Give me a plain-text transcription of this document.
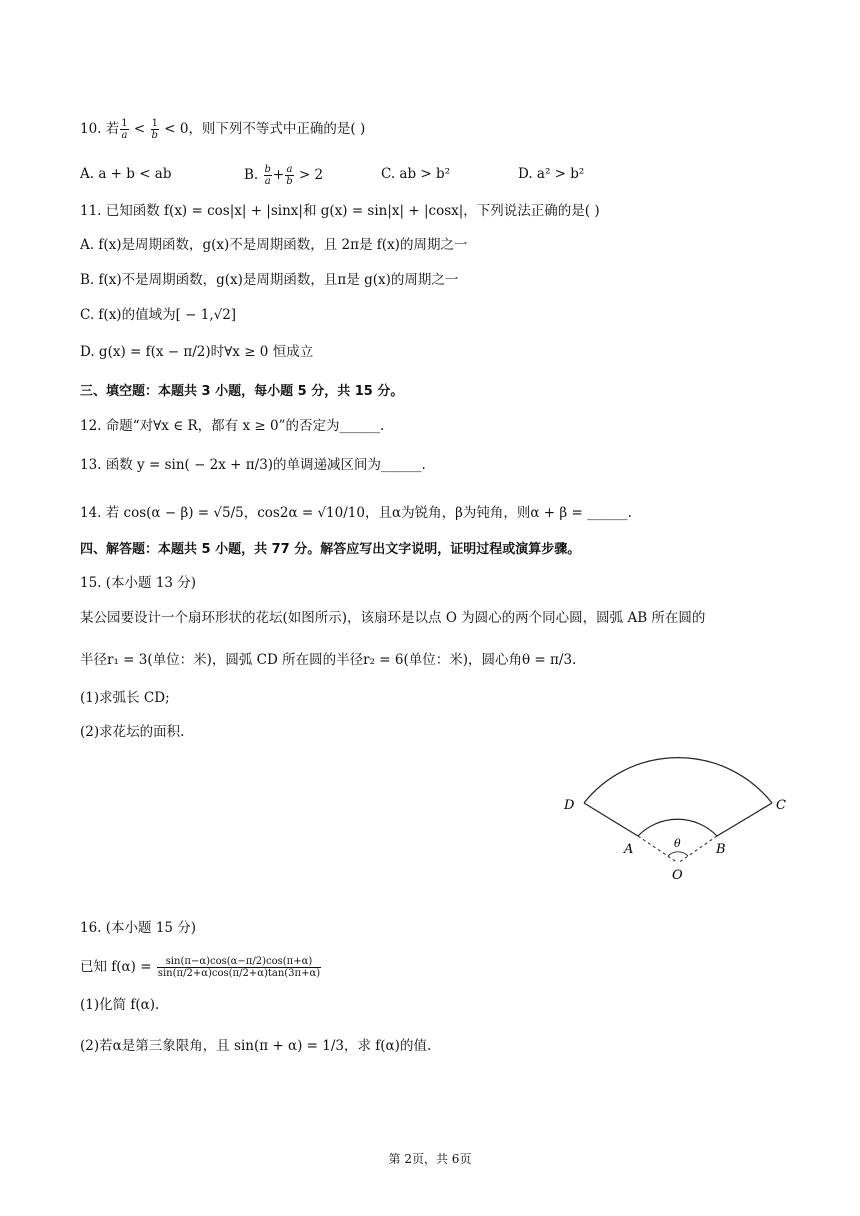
10. 若 $\frac{1}{a} < \frac{1}{b} < 0$，则下列不等式中正确的是( )
A. a + b < ab	B. $\frac{b}{a} + \frac{a}{b} > 2$	C. ab > b²	D. a² > b²
11. 已知函数 f(x) = cos|x| + |sinx|和 g(x) = sin|x| + |cosx|，下列说法正确的是( )
A. f(x)是周期函数，g(x)不是周期函数，且 2π是 f(x)的周期之一
B. f(x)不是周期函数，g(x)是周期函数，且π是 g(x)的周期之一
C. f(x)的值域为[ − 1,√2]
D. g(x) = f(x − π/2)时∀x ≥ 0 恒成立
三、填空题：本题共 3 小题，每小题 5 分，共 15 分。
12. 命题“对∀x ∈ R，都有 x ≥ 0”的否定为______.
13. 函数 y = sin( − 2x + π/3)的单调递减区间为______.
14. 若 cos(α − β) = √5/5，cos2α = √10/10，且α为锐角，β为钝角，则α + β = ______.
四、解答题：本题共 5 小题，共 77 分。解答应写出文字说明，证明过程或演算步骤。
15. (本小题 13 分)
某公园要设计一个扇环形状的花坛(如图所示)，该扇环是以点 O 为圆心的两个同心圆，圆弧 AB 所在圆的
半径r₁ = 3(单位：米)，圆弧 CD 所在圆的半径r₂ = 6(单位：米)，圆心角θ = π/3.
(1)求弧长 CD;
(2)求花坛的面积.
D	C
A	B
O
θ
16. (本小题 15 分)
已知 $f(\alpha) = \frac{\sin(\pi-\alpha)\cos(\alpha-\pi/2)\cos(\pi+\alpha)}{\sin(\pi/2+\alpha)\cos(\pi/2+\alpha)\tan(3\pi+\alpha)}$
(1)化简 f(α).
(2)若α是第三象限角，且 sin(π + α) = 1/3，求 f(α)的值.
第 2页，共 6页
